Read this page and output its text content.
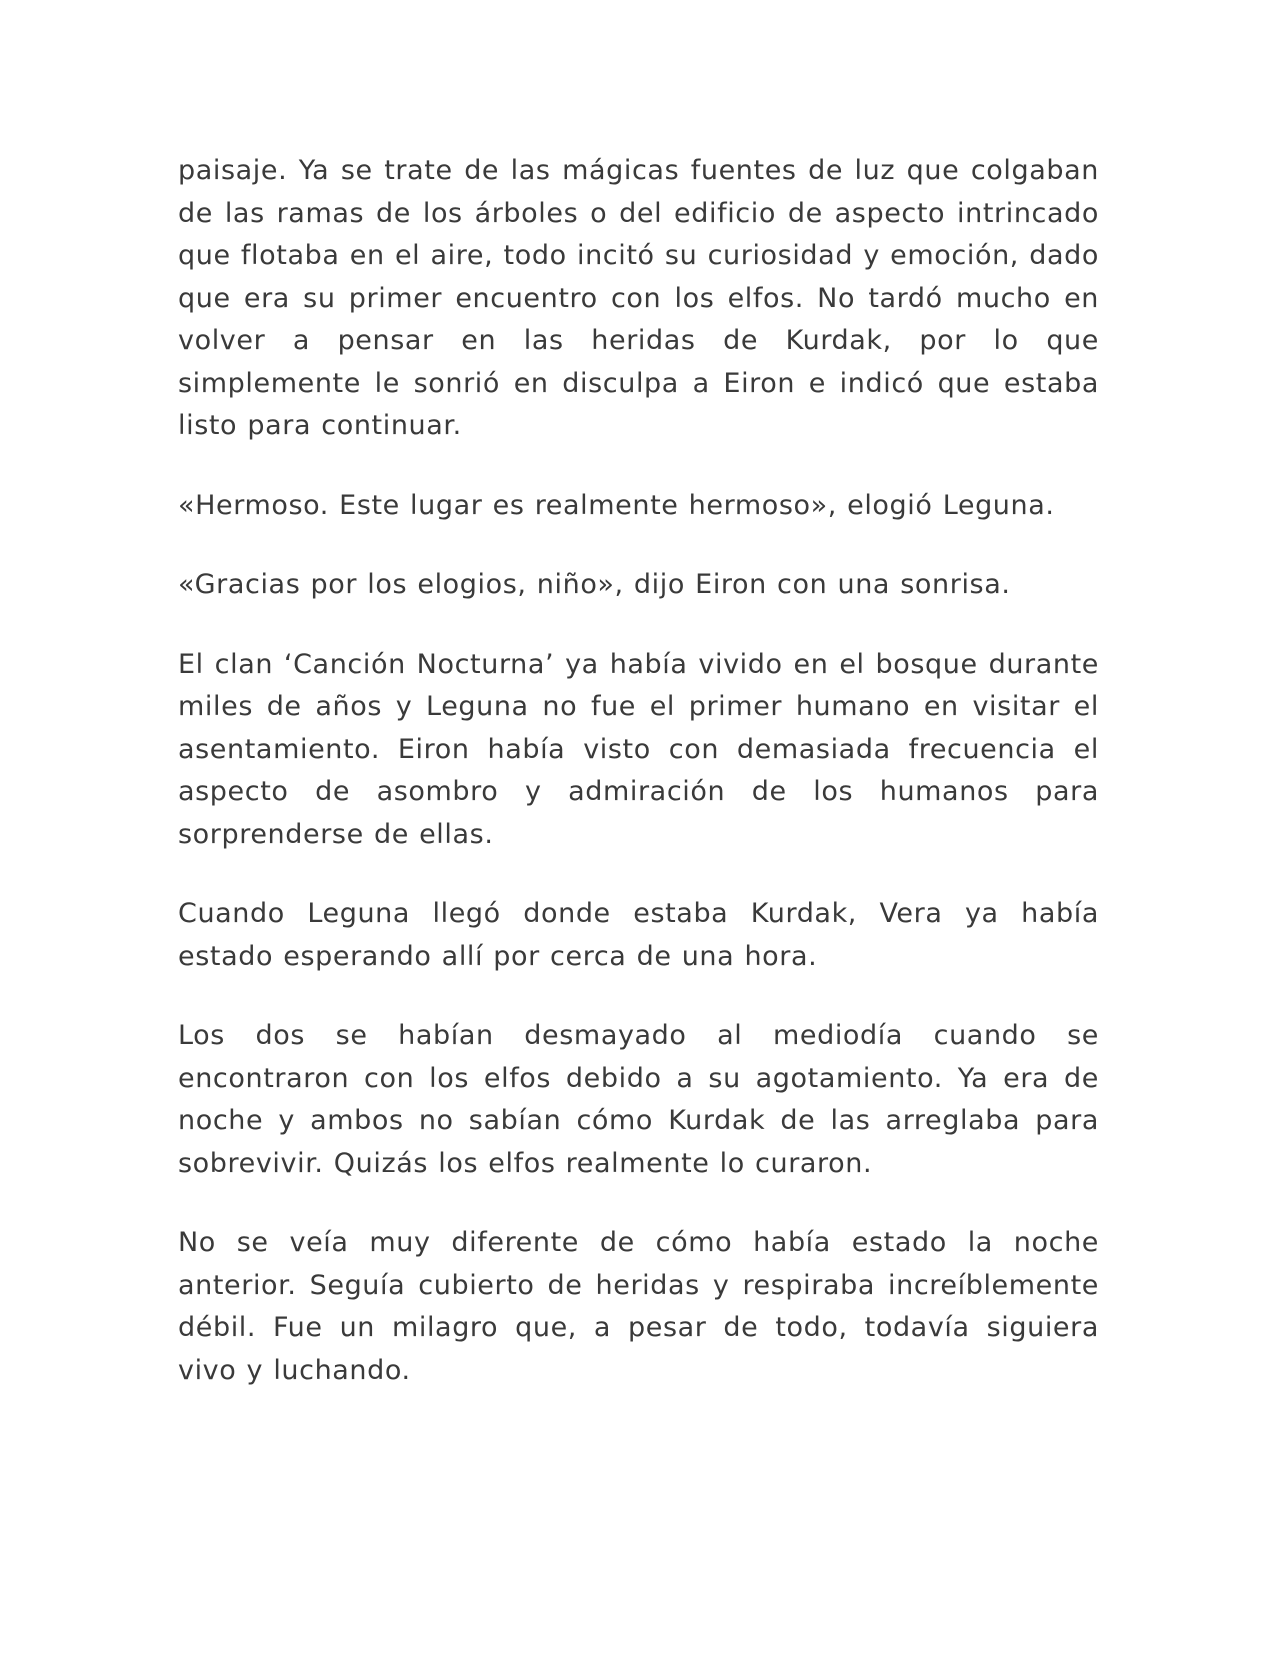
paisaje. Ya se trate de las mágicas fuentes de luz que colgaban de las ramas de los árboles o del edificio de aspecto intrincado que flotaba en el aire, todo incitó su curiosidad y emoción, dado que era su primer encuentro con los elfos. No tardó mucho en volver a pensar en las heridas de Kurdak, por lo que simplemente le sonrió en disculpa a Eiron e indicó que estaba listo para continuar.

«Hermoso. Este lugar es realmente hermoso», elogió Leguna.

«Gracias por los elogios, niño», dijo Eiron con una sonrisa.

El clan ‘Canción Nocturna’ ya había vivido en el bosque durante miles de años y Leguna no fue el primer humano en visitar el asentamiento. Eiron había visto con demasiada frecuencia el aspecto de asombro y admiración de los humanos para sorprenderse de ellas.

Cuando Leguna llegó donde estaba Kurdak, Vera ya había estado esperando allí por cerca de una hora.

Los dos se habían desmayado al mediodía cuando se encontraron con los elfos debido a su agotamiento. Ya era de noche y ambos no sabían cómo Kurdak de las arreglaba para sobrevivir. Quizás los elfos realmente lo curaron.

No se veía muy diferente de cómo había estado la noche anterior. Seguía cubierto de heridas y respiraba increíblemente débil. Fue un milagro que, a pesar de todo, todavía siguiera vivo y luchando.
